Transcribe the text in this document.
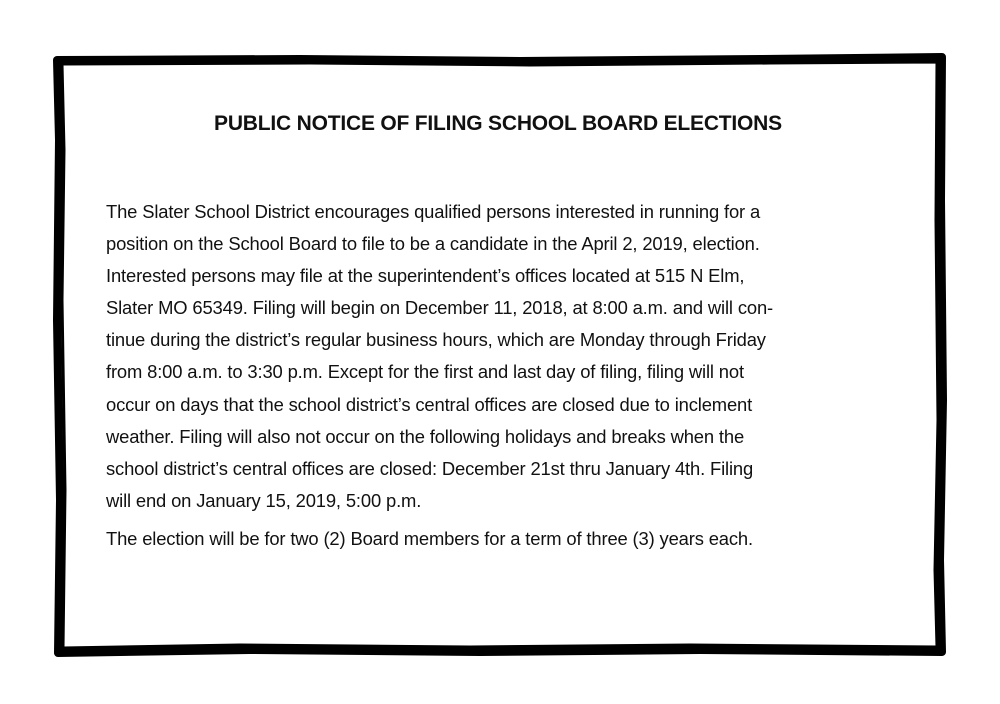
PUBLIC NOTICE OF FILING SCHOOL BOARD ELECTIONS

The Slater School District encourages qualified persons interested in running for a
position on the School Board to file to be a candidate in the April 2, 2019, election.
Interested persons may file at the superintendent’s offices located at 515 N Elm,
Slater MO 65349. Filing will begin on December 11, 2018, at 8:00 a.m. and will con-
tinue during the district’s regular business hours, which are Monday through Friday
from 8:00 a.m. to 3:30 p.m. Except for the first and last day of filing, filing will not
occur on days that the school district’s central offices are closed due to inclement
weather. Filing will also not occur on the following holidays and breaks when the
school district’s central offices are closed: December 21st thru January 4th. Filing
will end on January 15, 2019, 5:00 p.m.

The election will be for two (2) Board members for a term of three (3) years each.
